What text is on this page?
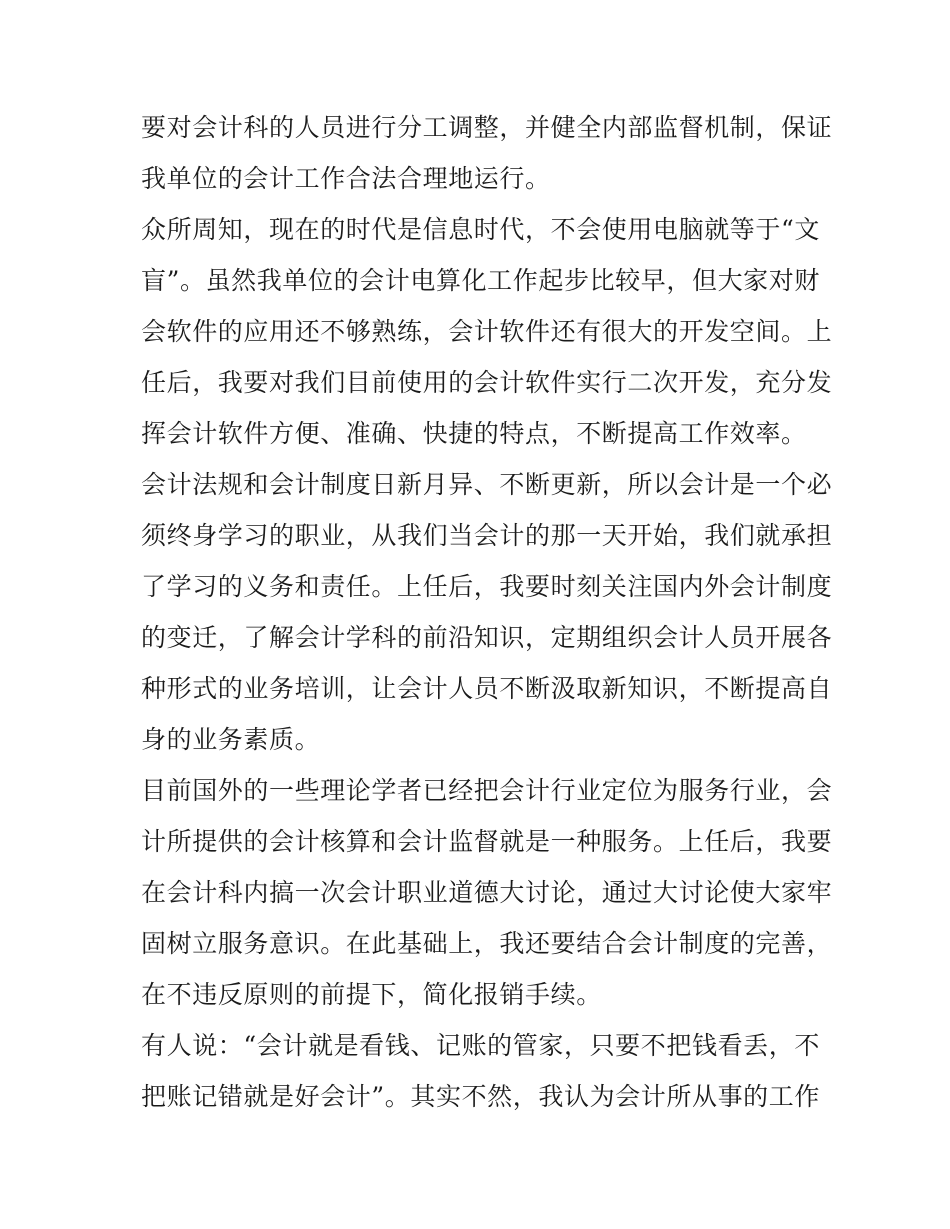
要对会计科的人员进行分工调整，并健全内部监督机制，保证
我单位的会计工作合法合理地运行。
众所周知，现在的时代是信息时代，不会使用电脑就等于“文
盲”。虽然我单位的会计电算化工作起步比较早，但大家对财
会软件的应用还不够熟练，会计软件还有很大的开发空间。上
任后，我要对我们目前使用的会计软件实行二次开发，充分发
挥会计软件方便、准确、快捷的特点，不断提高工作效率。
会计法规和会计制度日新月异、不断更新，所以会计是一个必
须终身学习的职业，从我们当会计的那一天开始，我们就承担
了学习的义务和责任。上任后，我要时刻关注国内外会计制度
的变迁，了解会计学科的前沿知识，定期组织会计人员开展各
种形式的业务培训，让会计人员不断汲取新知识，不断提高自
身的业务素质。
目前国外的一些理论学者已经把会计行业定位为服务行业，会
计所提供的会计核算和会计监督就是一种服务。上任后，我要
在会计科内搞一次会计职业道德大讨论，通过大讨论使大家牢
固树立服务意识。在此基础上，我还要结合会计制度的完善，
在不违反原则的前提下，简化报销手续。
有人说：“会计就是看钱、记账的管家，只要不把钱看丢，不
把账记错就是好会计”。其实不然，我认为会计所从事的工作
